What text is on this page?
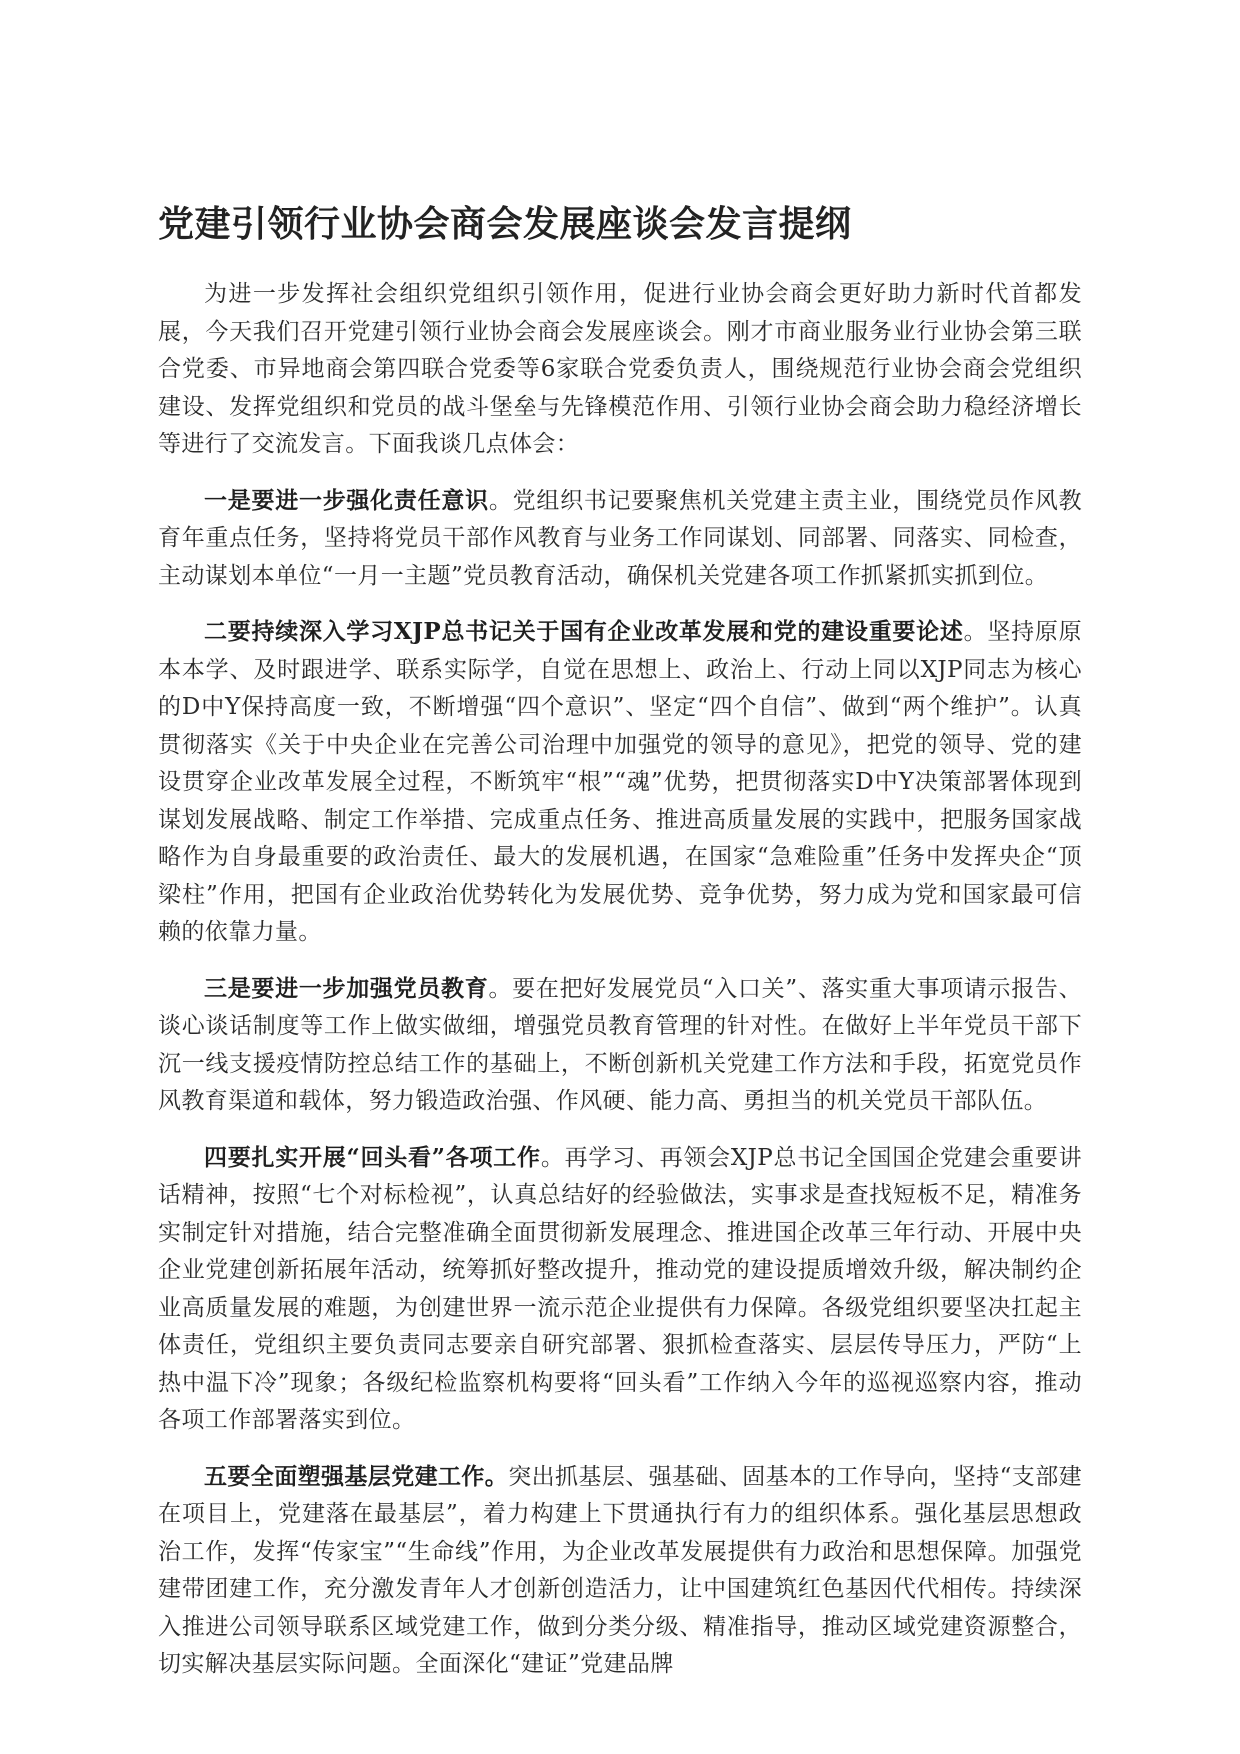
党建引领行业协会商会发展座谈会发言提纲

为进一步发挥社会组织党组织引领作用，促进行业协会商会更好助力新时代首都发展，今天我们召开党建引领行业协会商会发展座谈会。刚才市商业服务业行业协会第三联合党委、市异地商会第四联合党委等6家联合党委负责人，围绕规范行业协会商会党组织建设、发挥党组织和党员的战斗堡垒与先锋模范作用、引领行业协会商会助力稳经济增长等进行了交流发言。下面我谈几点体会：

一是要进一步强化责任意识。党组织书记要聚焦机关党建主责主业，围绕党员作风教育年重点任务，坚持将党员干部作风教育与业务工作同谋划、同部署、同落实、同检查，主动谋划本单位“一月一主题”党员教育活动，确保机关党建各项工作抓紧抓实抓到位。

二要持续深入学习XJP总书记关于国有企业改革发展和党的建设重要论述。坚持原原本本学、及时跟进学、联系实际学，自觉在思想上、政治上、行动上同以XJP同志为核心的D中Y保持高度一致，不断增强“四个意识”、坚定“四个自信”、做到“两个维护”。认真贯彻落实《关于中央企业在完善公司治理中加强党的领导的意见》，把党的领导、党的建设贯穿企业改革发展全过程，不断筑牢“根”“魂”优势，把贯彻落实D中Y决策部署体现到谋划发展战略、制定工作举措、完成重点任务、推进高质量发展的实践中，把服务国家战略作为自身最重要的政治责任、最大的发展机遇，在国家“急难险重”任务中发挥央企“顶梁柱”作用，把国有企业政治优势转化为发展优势、竞争优势，努力成为党和国家最可信赖的依靠力量。

三是要进一步加强党员教育。要在把好发展党员“入口关”、落实重大事项请示报告、谈心谈话制度等工作上做实做细，增强党员教育管理的针对性。在做好上半年党员干部下沉一线支援疫情防控总结工作的基础上，不断创新机关党建工作方法和手段，拓宽党员作风教育渠道和载体，努力锻造政治强、作风硬、能力高、勇担当的机关党员干部队伍。

四要扎实开展“回头看”各项工作。再学习、再领会XJP总书记全国国企党建会重要讲话精神，按照“七个对标检视”，认真总结好的经验做法，实事求是查找短板不足，精准务实制定针对措施，结合完整准确全面贯彻新发展理念、推进国企改革三年行动、开展中央企业党建创新拓展年活动，统筹抓好整改提升，推动党的建设提质增效升级，解决制约企业高质量发展的难题，为创建世界一流示范企业提供有力保障。各级党组织要坚决扛起主体责任，党组织主要负责同志要亲自研究部署、狠抓检查落实、层层传导压力，严防“上热中温下冷”现象；各级纪检监察机构要将“回头看”工作纳入今年的巡视巡察内容，推动各项工作部署落实到位。

五要全面塑强基层党建工作。突出抓基层、强基础、固基本的工作导向，坚持“支部建在项目上，党建落在最基层”，着力构建上下贯通执行有力的组织体系。强化基层思想政治工作，发挥“传家宝”“生命线”作用，为企业改革发展提供有力政治和思想保障。加强党建带团建工作，充分激发青年人才创新创造活力，让中国建筑红色基因代代相传。持续深入推进公司领导联系区域党建工作，做到分类分级、精准指导，推动区域党建资源整合，切实解决基层实际问题。全面深化“建证”党建品牌
